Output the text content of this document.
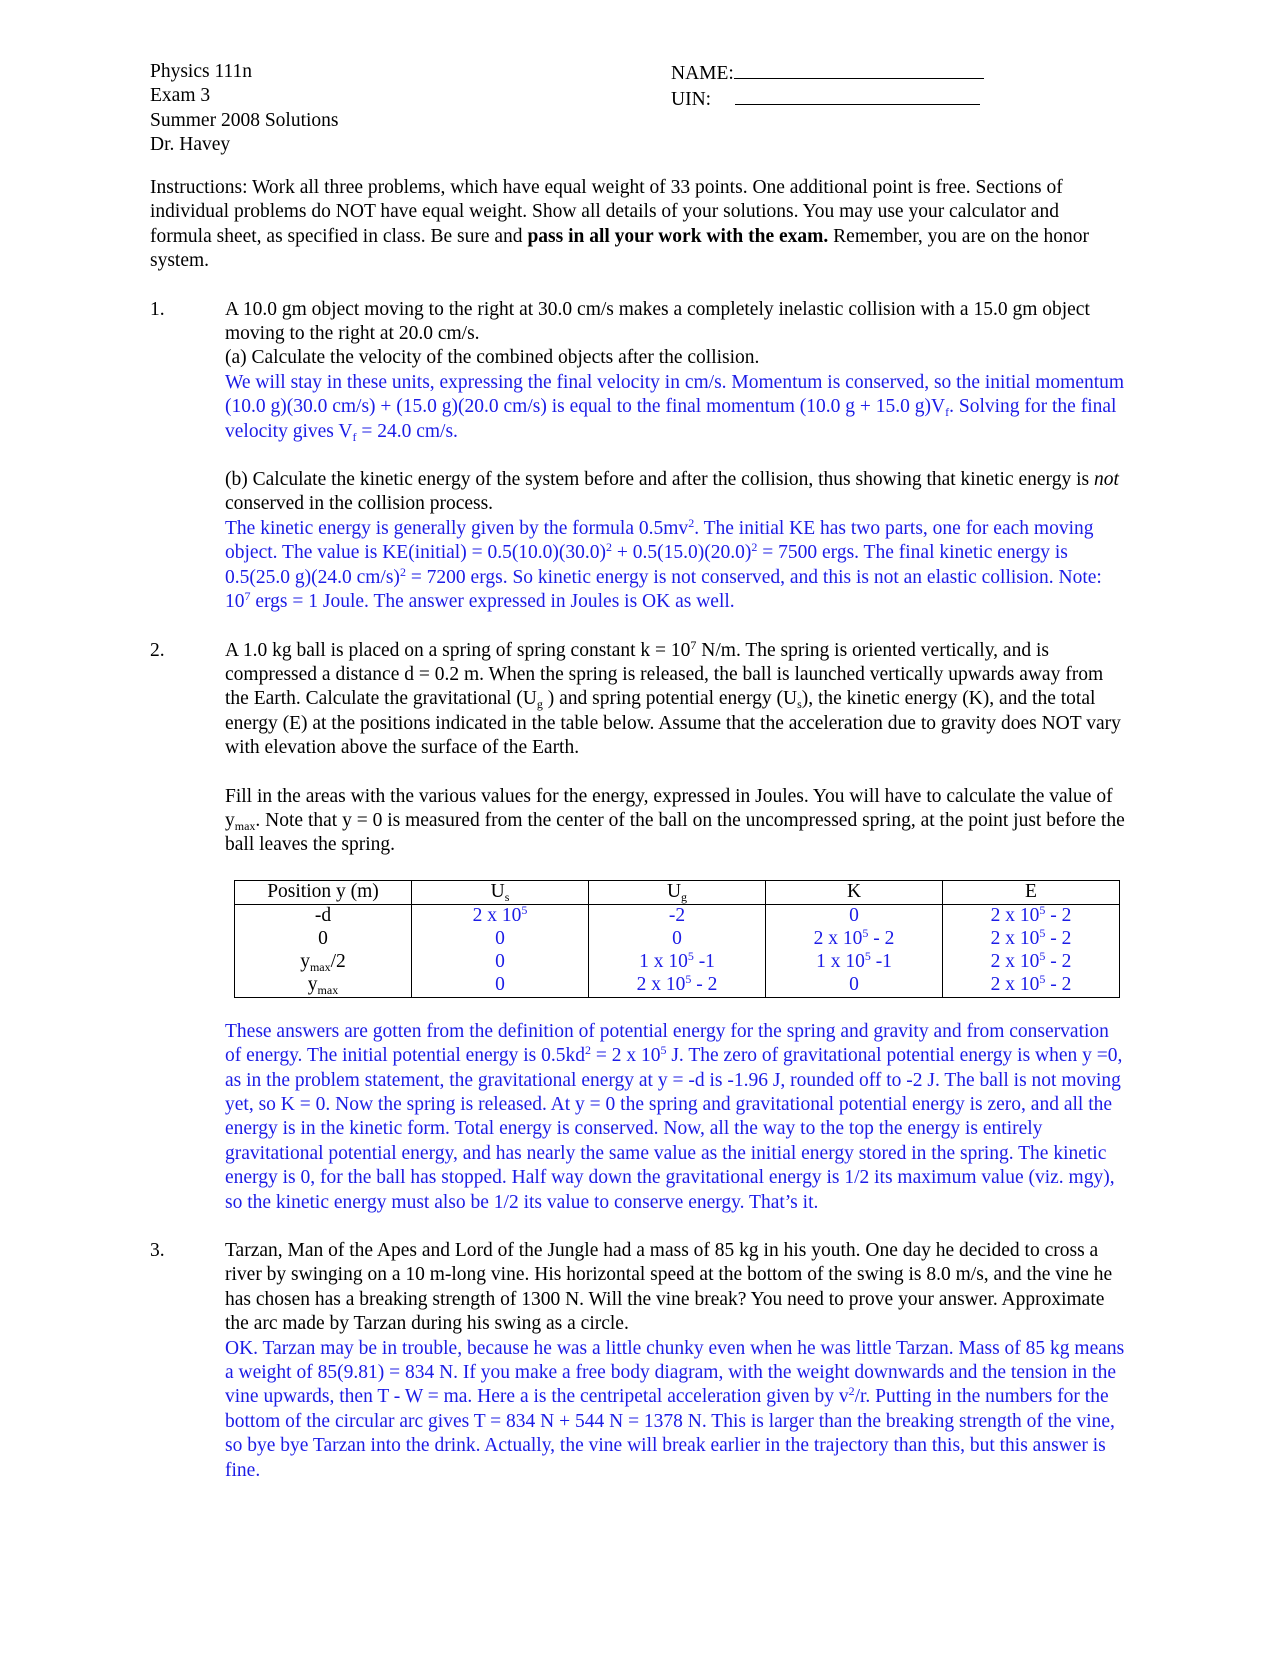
Physics 111n
Exam 3
Summer 2008 Solutions
Dr. Havey
NAME:
UIN:

Instructions: Work all three problems, which have equal weight of 33 points. One additional point is free. Sections of individual problems do NOT have equal weight. Show all details of your solutions. You may use your calculator and formula sheet, as specified in class. Be sure and pass in all your work with the exam. Remember, you are on the honor system.

1.	A 10.0 gm object moving to the right at 30.0 cm/s makes a completely inelastic collision with a 15.0 gm object moving to the right at 20.0 cm/s.

(a) Calculate the velocity of the combined objects after the collision.

We will stay in these units, expressing the final velocity in cm/s. Momentum is conserved, so the initial momentum (10.0 g)(30.0 cm/s) + (15.0 g)(20.0 cm/s) is equal to the final momentum (10.0 g + 15.0 $g)V_f$. Solving for the final velocity gives $V_f = 24.0$ cm/s.

(b) Calculate the kinetic energy of the system before and after the collision, thus showing that kinetic energy is not conserved in the collision process.

The kinetic energy is generally given by the formula $0.5mv^2$. The initial KE has two parts, one for each moving object. The value is KE(initial) = $0.5(10.0)(30.0)^2 + 0.5(15.0)(20.0)^2 = 7500$ ergs. The final kinetic energy is 0.5(25.0 g)(24.0 cm/s)$^2$ = 7200 ergs. So kinetic energy is not conserved, and this is not an elastic collision. Note: $10^7$ ergs = 1 Joule. The answer expressed in Joules is OK as well.

2.	A 1.0 kg ball is placed on a spring of spring constant $k = 10^7$ N/m. The spring is oriented vertically, and is compressed a distance d = 0.2 m. When the spring is released, the ball is launched vertically upwards away from the Earth. Calculate the gravitational ($U_g$ ) and spring potential energy $(U_s)$, the kinetic energy (K), and the total energy (E) at the positions indicated in the table below. Assume that the acceleration due to gravity does NOT vary with elevation above the surface of the Earth.

Fill in the areas with the various values for the energy, expressed in Joules. You will have to calculate the value of $y_{max}$. Note that y = 0 is measured from the center of the ball on the uncompressed spring, at the point just before the ball leaves the spring.

Position y (m)	$U_s$	$U_g$	K	E
-d	2 x $10^5$	-2	0	2 x $10^5 - 2$
0	0	0	2 x $10^5 - 2$	2 x $10^5 - 2$
$y_{max}/2$	0	1 x $10^5$ -1	1 x $10^5$ -1	2 x $10^5 - 2$
$y_{max}$	0	2 x $10^5 - 2$	0	2 x $10^5 - 2$

These answers are gotten from the definition of potential energy for the spring and gravity and from conservation of energy. The initial potential energy is $0.5kd^2 = 2$ x $10^5$ J. The zero of gravitational potential energy is when y =0, as in the problem statement, the gravitational energy at y = -d is -1.96 J, rounded off to -2 J. The ball is not moving yet, so K = 0. Now the spring is released. At y = 0 the spring and gravitational potential energy is zero, and all the energy is in the kinetic form. Total energy is conserved. Now, all the way to the top the energy is entirely gravitational potential energy, and has nearly the same value as the initial energy stored in the spring. The kinetic energy is 0, for the ball has stopped. Half way down the gravitational energy is 1/2 its maximum value (viz. mgy), so the kinetic energy must also be 1/2 its value to conserve energy. That’s it.

3.	Tarzan, Man of the Apes and Lord of the Jungle had a mass of 85 kg in his youth. One day he decided to cross a river by swinging on a 10 m-long vine. His horizontal speed at the bottom of the swing is 8.0 m/s, and the vine he has chosen has a breaking strength of 1300 N. Will the vine break? You need to prove your answer. Approximate the arc made by Tarzan during his swing as a circle.

OK. Tarzan may be in trouble, because he was a little chunky even when he was little Tarzan. Mass of 85 kg means a weight of 85(9.81) = 834 N. If you make a free body diagram, with the weight downwards and the tension in the vine upwards, then T - W = ma. Here a is the centripetal acceleration given by $v^2/r$. Putting in the numbers for the bottom of the circular arc gives T = 834 N + 544 N = 1378 N. This is larger than the breaking strength of the vine, so bye bye Tarzan into the drink. Actually, the vine will break earlier in the trajectory than this, but this answer is fine.
